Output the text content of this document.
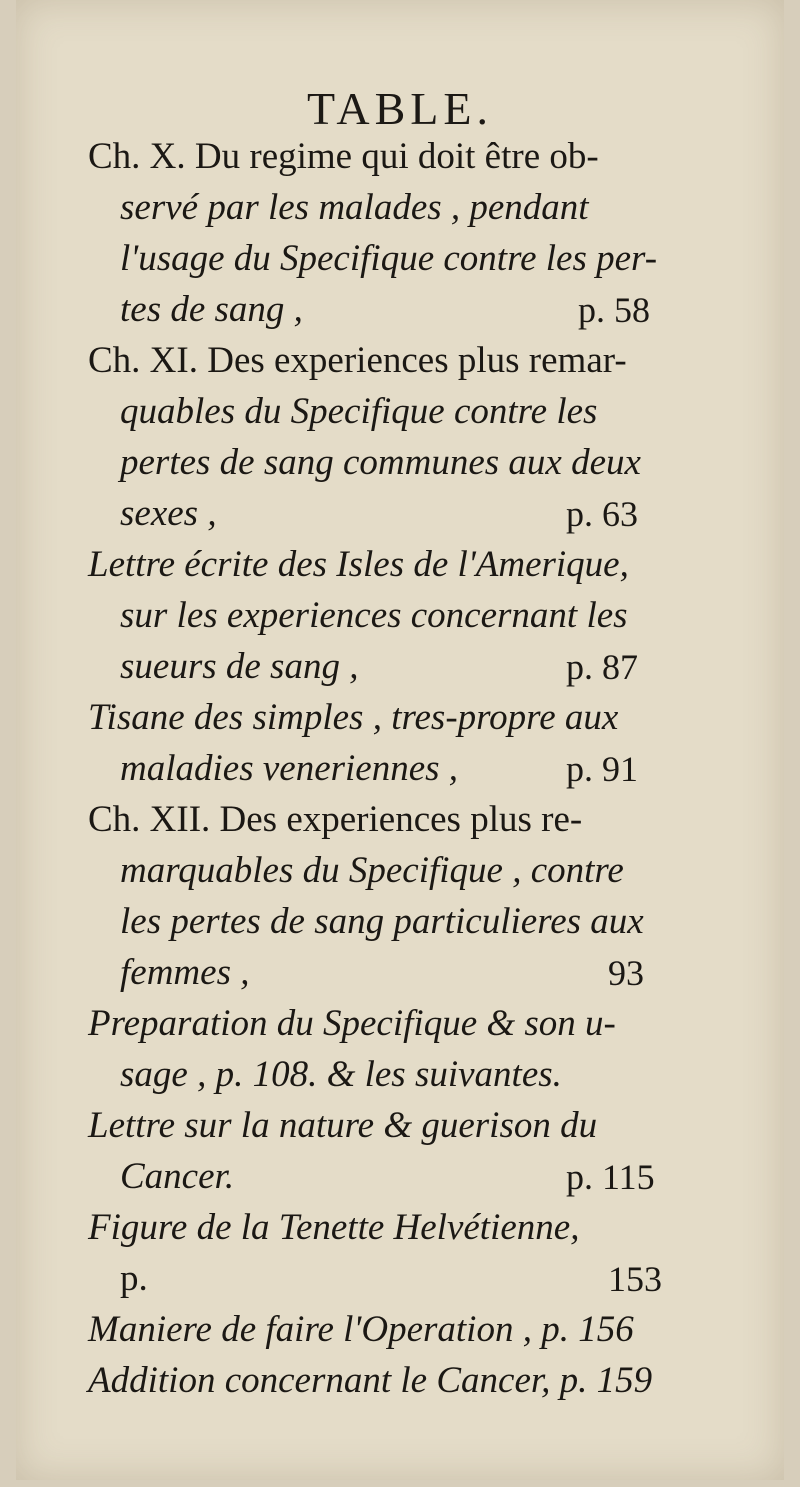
TABLE.
Ch. X. Du regime qui doit être ob-
servé par les malades , pendant
l'usage du Specifique contre les per-
tes de sang ,	p. 58
Ch. XI. Des experiences plus remar-
quables du Specifique contre les
pertes de sang communes aux deux
sexes ,	p. 63
Lettre écrite des Isles de l'Amerique,
sur les experiences concernant les
sueurs de sang ,	p. 87
Tisane des simples , tres-propre aux
maladies veneriennes ,	p. 91
Ch. XII. Des experiences plus re-
marquables du Specifique , contre
les pertes de sang particulieres aux
femmes ,	93
Preparation du Specifique & son u-
sage , p. 108. & les suivantes.
Lettre sur la nature & guerison du
Cancer.	p. 115
Figure de la Tenette Helvétienne,
p.	153
Maniere de faire l'Operation , p. 156
Addition concernant le Cancer, p. 159
